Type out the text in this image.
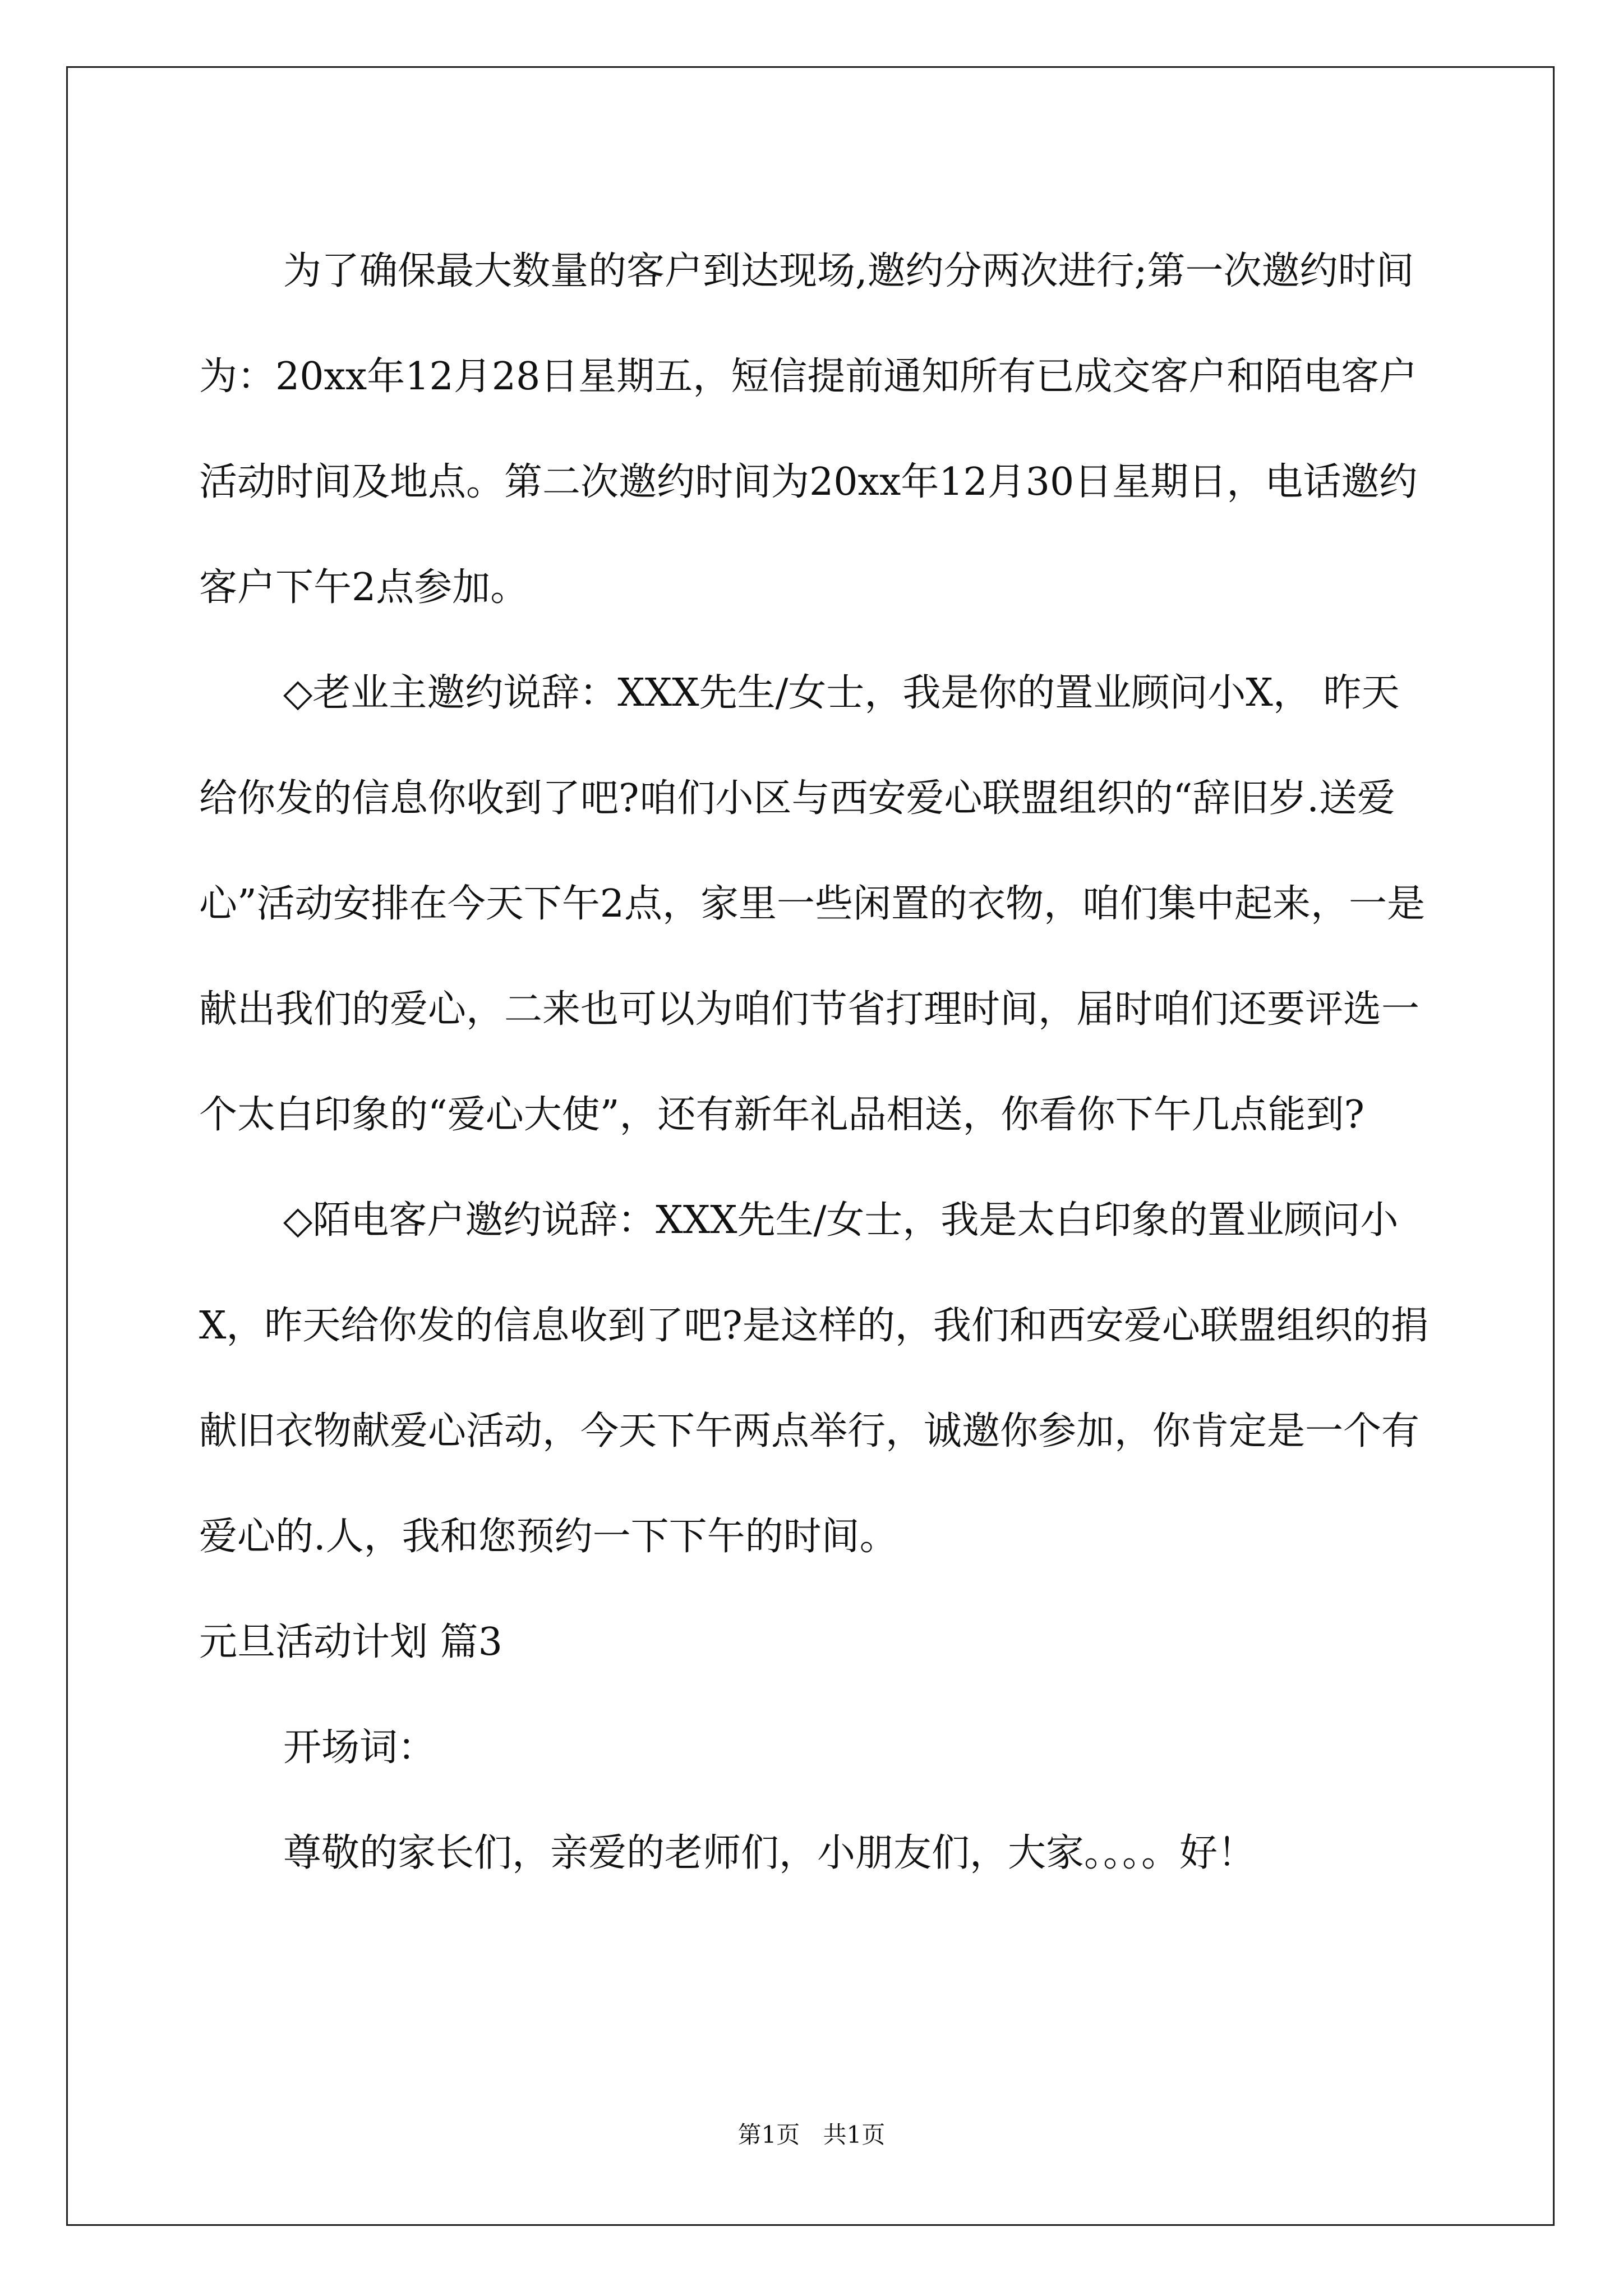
为了确保最大数量的客户到达现场,邀约分两次进行;第一次邀约时间为：20xx年12月28日星期五，短信提前通知所有已成交客户和陌电客户活动时间及地点。第二次邀约时间为20xx年12月30日星期日，电话邀约客户下午2点参加。

◇老业主邀约说辞：XXX先生/女士，我是你的置业顾问小X， 昨天给你发的信息你收到了吧?咱们小区与西安爱心联盟组织的“辞旧岁.送爱心”活动安排在今天下午2点，家里一些闲置的衣物，咱们集中起来，一是献出我们的爱心，二来也可以为咱们节省打理时间，届时咱们还要评选一个太白印象的“爱心大使”，还有新年礼品相送，你看你下午几点能到?

◇陌电客户邀约说辞：XXX先生/女士，我是太白印象的置业顾问小X，昨天给你发的信息收到了吧?是这样的，我们和西安爱心联盟组织的捐献旧衣物献爱心活动，今天下午两点举行，诚邀你参加，你肯定是一个有爱心的.人，我和您预约一下下午的时间。

元旦活动计划 篇3

开场词：

尊敬的家长们，亲爱的老师们，小朋友们，大家。。。。好！

第1页 共1页
